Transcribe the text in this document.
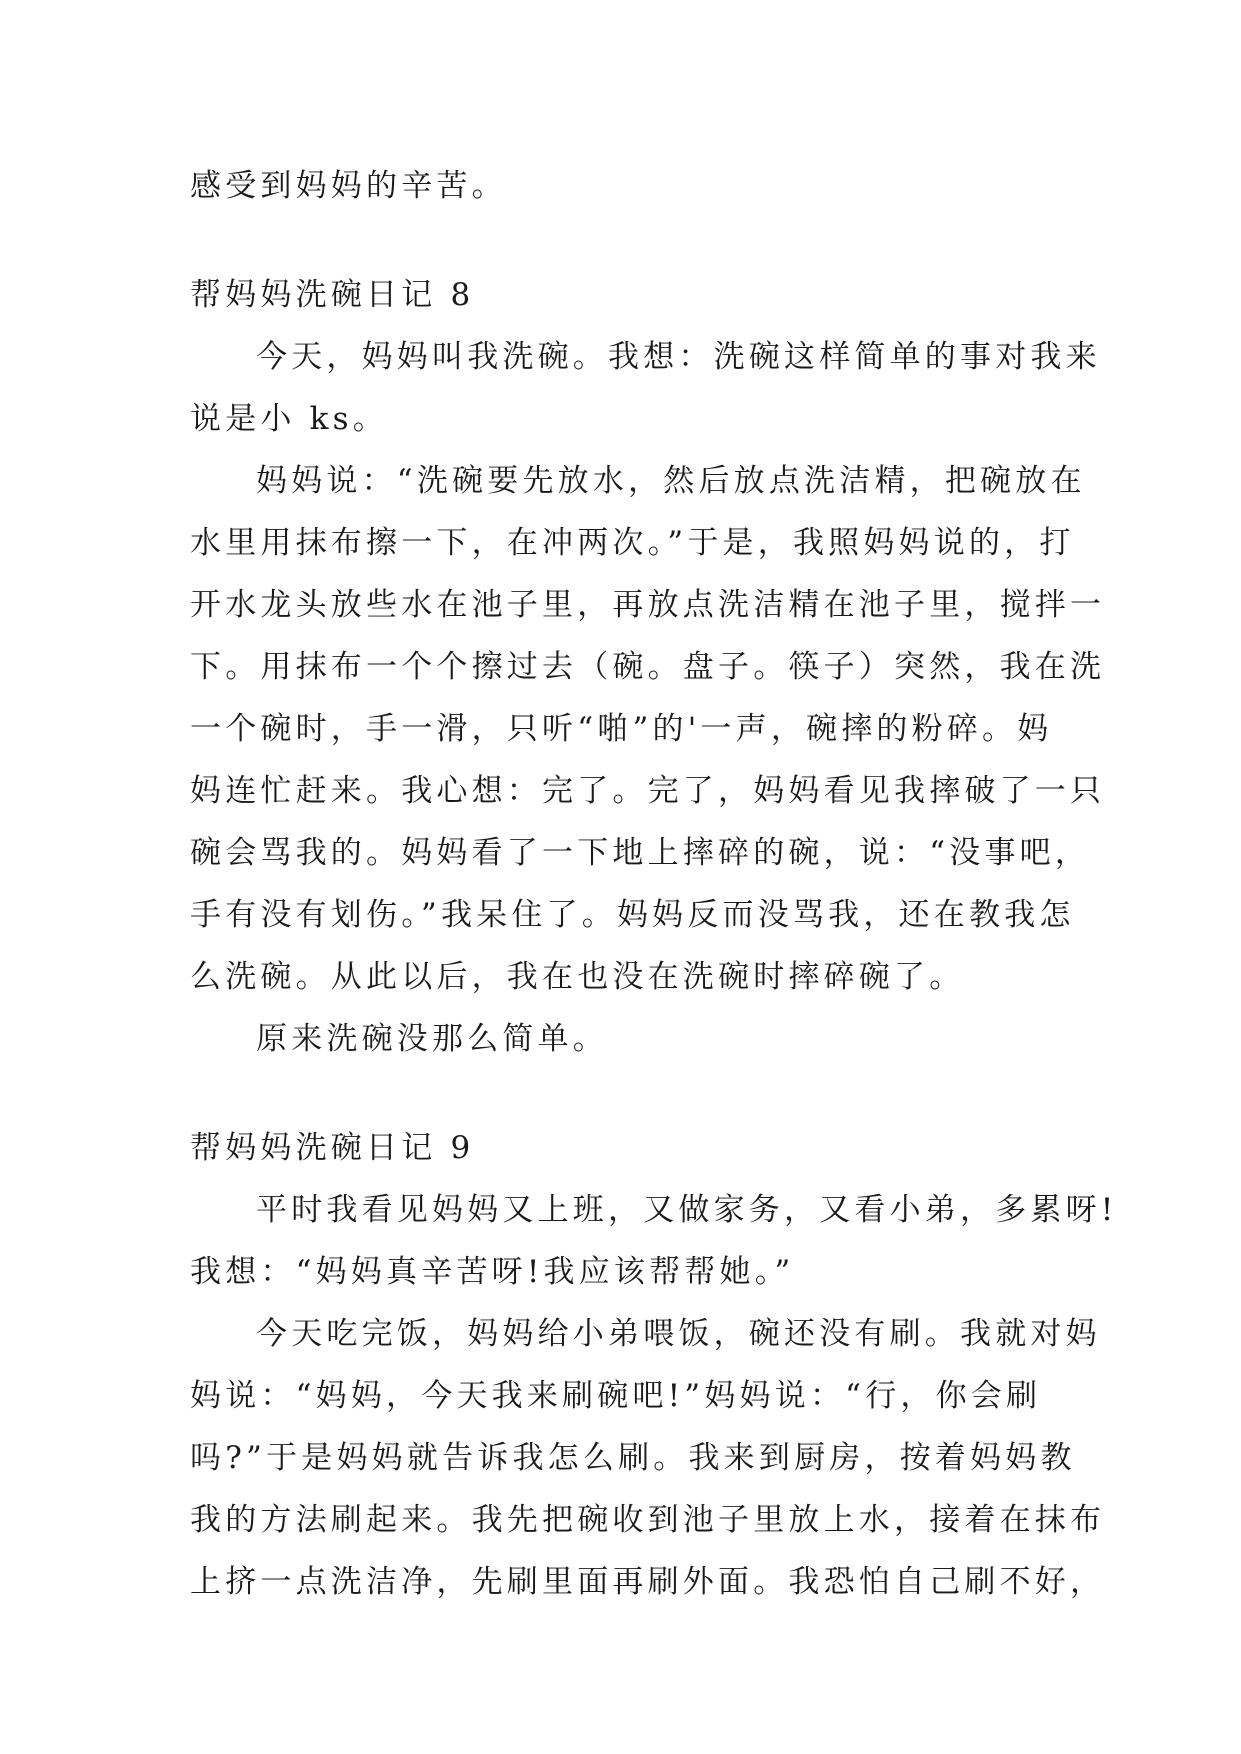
感受到妈妈的辛苦。
帮妈妈洗碗日记 8
今天，妈妈叫我洗碗。我想：洗碗这样简单的事对我来
说是小 ks。
妈妈说：“洗碗要先放水，然后放点洗洁精，把碗放在
水里用抹布擦一下，在冲两次。”于是，我照妈妈说的，打
开水龙头放些水在池子里，再放点洗洁精在池子里，搅拌一
下。用抹布一个个擦过去（碗。盘子。筷子）突然，我在洗
一个碗时，手一滑，只听“啪”的'一声，碗摔的粉碎。妈
妈连忙赶来。我心想：完了。完了，妈妈看见我摔破了一只
碗会骂我的。妈妈看了一下地上摔碎的碗，说：“没事吧，
手有没有划伤。”我呆住了。妈妈反而没骂我，还在教我怎
么洗碗。从此以后，我在也没在洗碗时摔碎碗了。
原来洗碗没那么简单。
帮妈妈洗碗日记 9
平时我看见妈妈又上班，又做家务，又看小弟，多累呀!
我想：“妈妈真辛苦呀!我应该帮帮她。”
今天吃完饭，妈妈给小弟喂饭，碗还没有刷。我就对妈
妈说：“妈妈，今天我来刷碗吧!”妈妈说：“行，你会刷
吗?”于是妈妈就告诉我怎么刷。我来到厨房，按着妈妈教
我的方法刷起来。我先把碗收到池子里放上水，接着在抹布
上挤一点洗洁净，先刷里面再刷外面。我恐怕自己刷不好，
